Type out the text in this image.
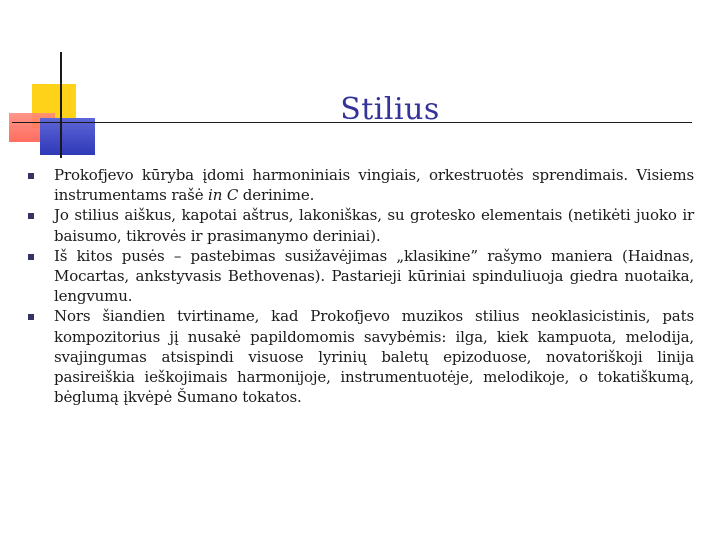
Stilius
Prokofjevo kūryba įdomi harmoniniais vingiais, orkestruotės sprendimais. Visiems instrumentams rašė in C derinime.
Jo stilius aiškus, kapotai aštrus, lakoniškas, su grotesko elementais (netikėti juoko ir baisumo, tikrovės ir prasimanymo deriniai).
Iš kitos pusės – pastebimas susižavėjimas „klasikine” rašymo maniera (Haidnas, Mocartas, ankstyvasis Bethovenas). Pastarieji kūriniai spinduliuoja giedra nuotaika, lengvumu.
Nors šiandien tvirtiname, kad Prokofjevo muzikos stilius neoklasicistinis, pats kompozitorius jį nusakė papildomomis savybėmis: ilga, kiek kampuota, melodija, svajingumas atsispindi visuose lyrinių baletų epizoduose, novatoriškoji linija pasireiškia ieškojimais harmonijoje, instrumentuotėje, melodikoje, o tokatiškumą, bėglumą įkvėpė Šumano tokatos.
